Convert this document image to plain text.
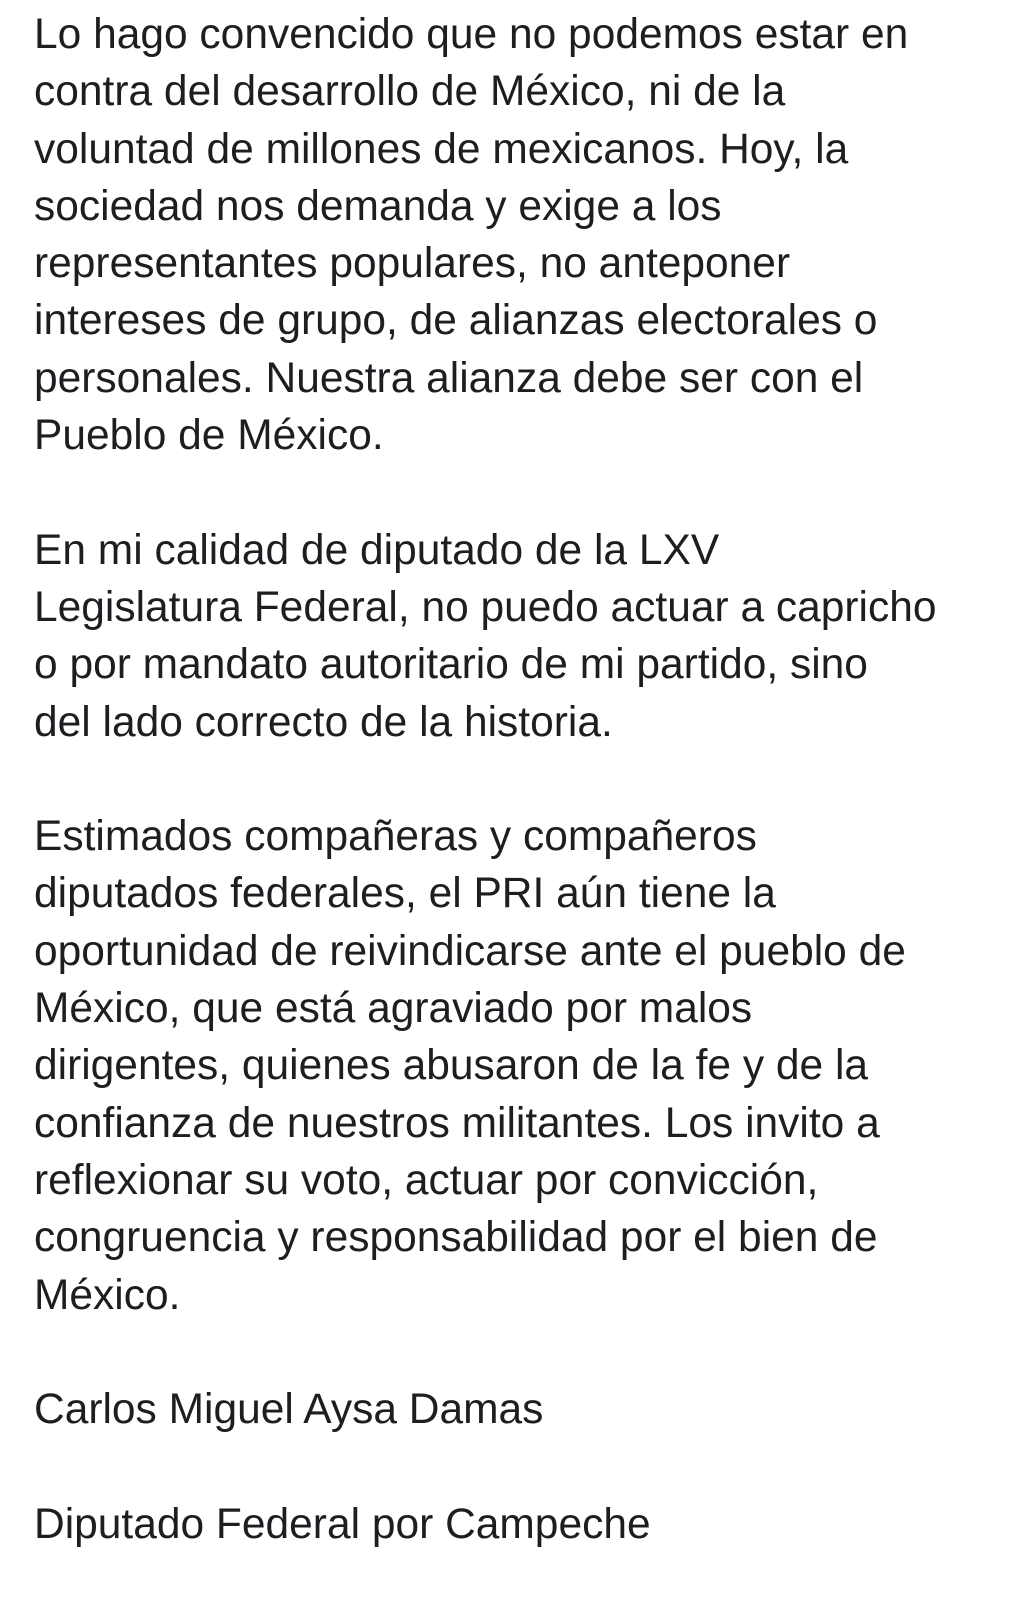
Lo hago convencido que no podemos estar en
contra del desarrollo de México, ni de la
voluntad de millones de mexicanos. Hoy, la
sociedad nos demanda y exige a los
representantes populares, no anteponer
intereses de grupo, de alianzas electorales o
personales. Nuestra alianza debe ser con el
Pueblo de México.

En mi calidad de diputado de la LXV
Legislatura Federal, no puedo actuar a capricho
o por mandato autoritario de mi partido, sino
del lado correcto de la historia.

Estimados compañeras y compañeros
diputados federales, el PRI aún tiene la
oportunidad de reivindicarse ante el pueblo de
México, que está agraviado por malos
dirigentes, quienes abusaron de la fe y de la
confianza de nuestros militantes. Los invito a
reflexionar su voto, actuar por convicción,
congruencia y responsabilidad por el bien de
México.

Carlos Miguel Aysa Damas

Diputado Federal por Campeche
